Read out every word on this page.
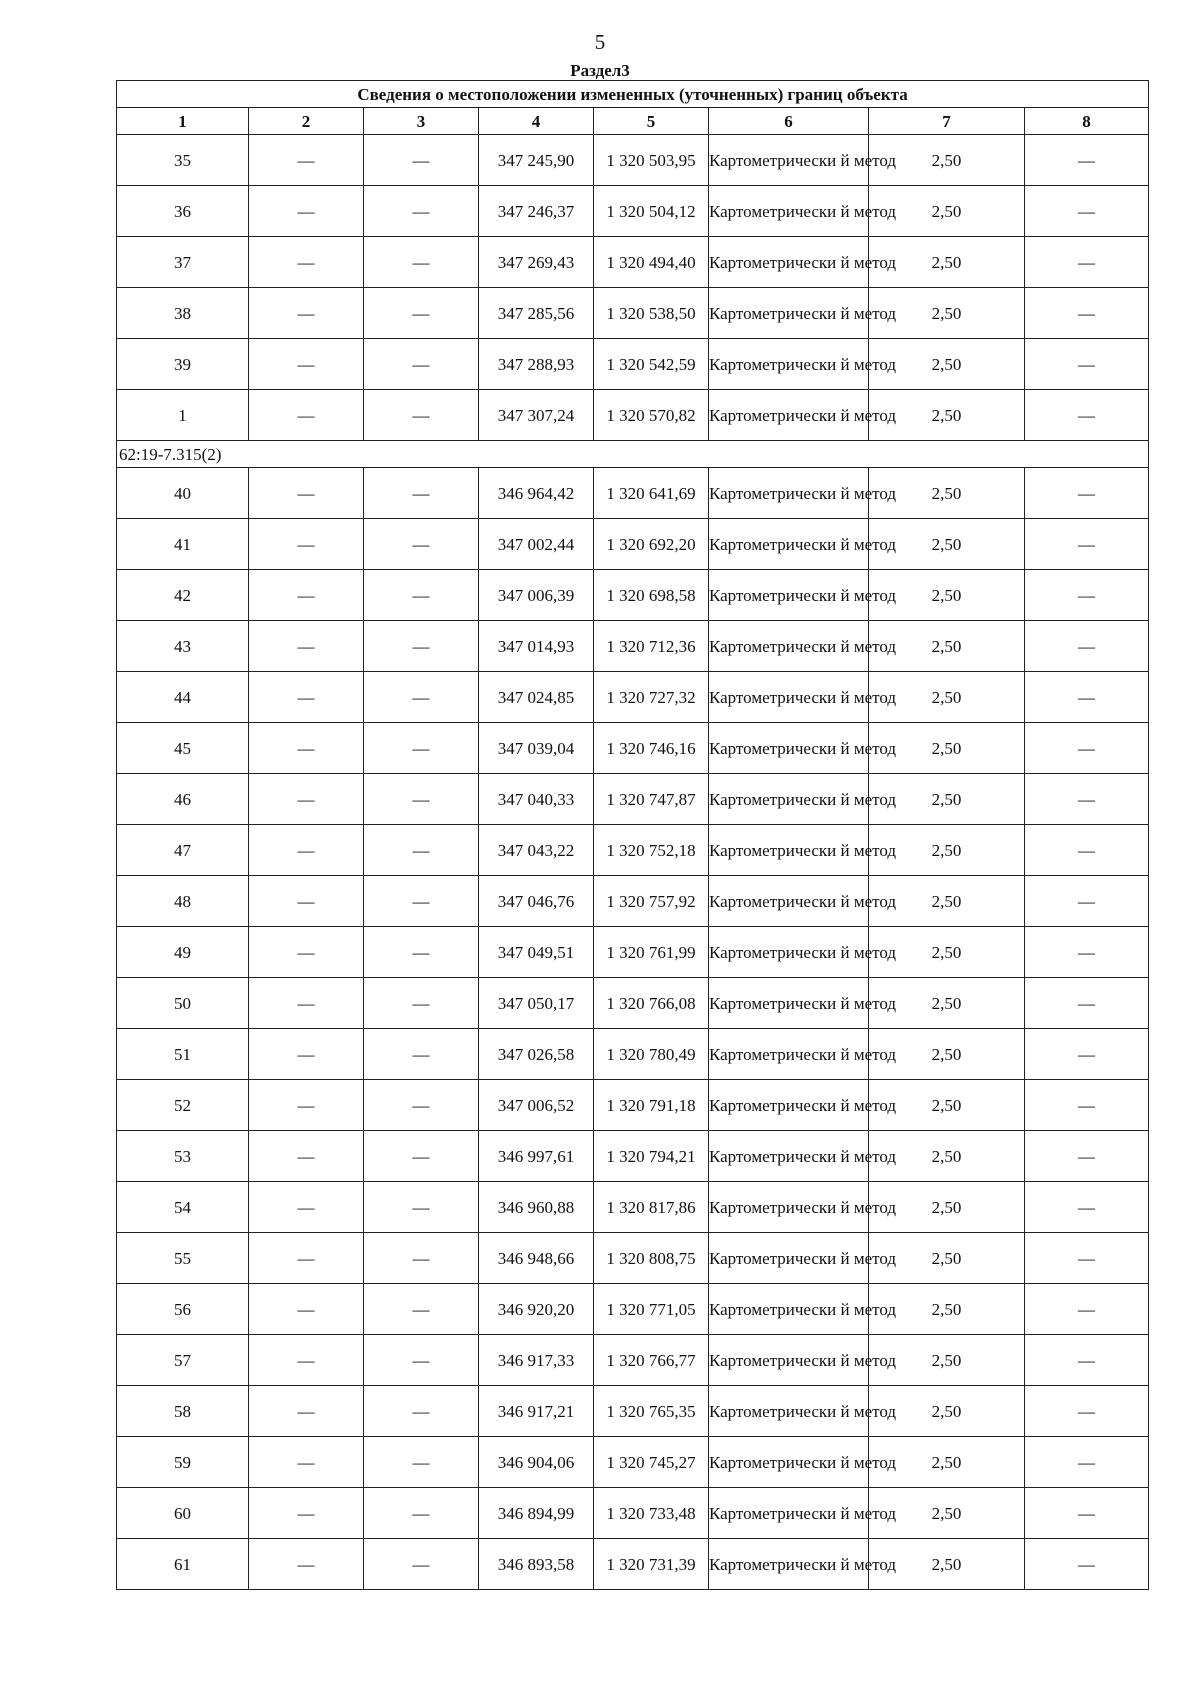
5
Раздел3
Сведения о местоположении измененных (уточненных) границ объекта							
1	2	3	4	5	6	7	8
35	—	—	347 245,90	1 320 503,95	Картометрически й метод	2,50	—
36	—	—	347 246,37	1 320 504,12	Картометрически й метод	2,50	—
37	—	—	347 269,43	1 320 494,40	Картометрически й метод	2,50	—
38	—	—	347 285,56	1 320 538,50	Картометрически й метод	2,50	—
39	—	—	347 288,93	1 320 542,59	Картометрически й метод	2,50	—
1	—	—	347 307,24	1 320 570,82	Картометрически й метод	2,50	—
62:19-7.315(2)							
40	—	—	346 964,42	1 320 641,69	Картометрически й метод	2,50	—
41	—	—	347 002,44	1 320 692,20	Картометрически й метод	2,50	—
42	—	—	347 006,39	1 320 698,58	Картометрически й метод	2,50	—
43	—	—	347 014,93	1 320 712,36	Картометрически й метод	2,50	—
44	—	—	347 024,85	1 320 727,32	Картометрически й метод	2,50	—
45	—	—	347 039,04	1 320 746,16	Картометрически й метод	2,50	—
46	—	—	347 040,33	1 320 747,87	Картометрически й метод	2,50	—
47	—	—	347 043,22	1 320 752,18	Картометрически й метод	2,50	—
48	—	—	347 046,76	1 320 757,92	Картометрически й метод	2,50	—
49	—	—	347 049,51	1 320 761,99	Картометрически й метод	2,50	—
50	—	—	347 050,17	1 320 766,08	Картометрически й метод	2,50	—
51	—	—	347 026,58	1 320 780,49	Картометрически й метод	2,50	—
52	—	—	347 006,52	1 320 791,18	Картометрически й метод	2,50	—
53	—	—	346 997,61	1 320 794,21	Картометрически й метод	2,50	—
54	—	—	346 960,88	1 320 817,86	Картометрически й метод	2,50	—
55	—	—	346 948,66	1 320 808,75	Картометрически й метод	2,50	—
56	—	—	346 920,20	1 320 771,05	Картометрически й метод	2,50	—
57	—	—	346 917,33	1 320 766,77	Картометрически й метод	2,50	—
58	—	—	346 917,21	1 320 765,35	Картометрически й метод	2,50	—
59	—	—	346 904,06	1 320 745,27	Картометрически й метод	2,50	—
60	—	—	346 894,99	1 320 733,48	Картометрически й метод	2,50	—
61	—	—	346 893,58	1 320 731,39	Картометрически й метод	2,50	—
